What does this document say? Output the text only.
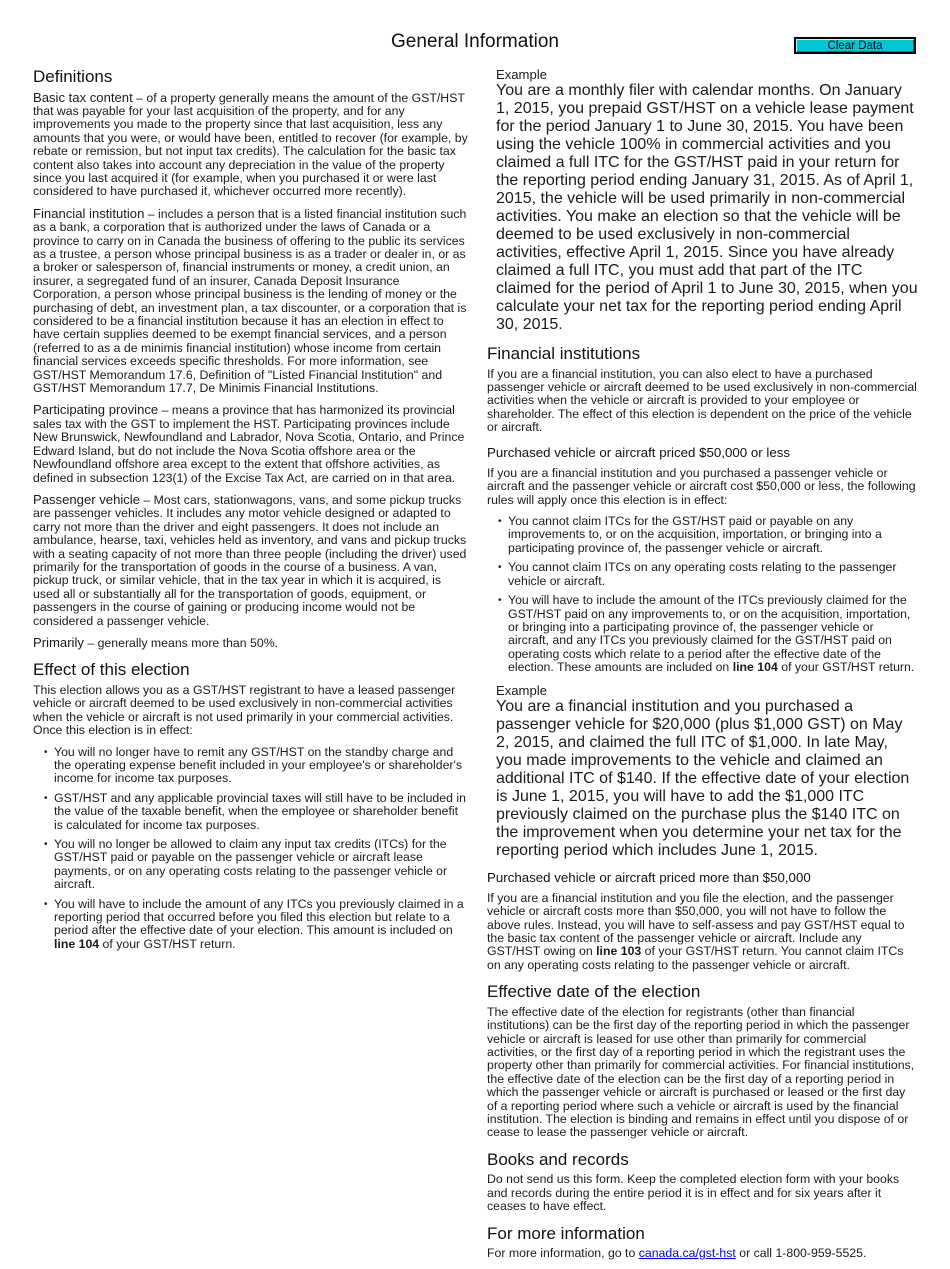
Clear Data
General Information
Definitions

Basic tax content – of a property generally means the amount of the GST/HST that was payable for your last acquisition of the property, and for any improvements you made to the property since that last acquisition, less any amounts that you were, or would have been, entitled to recover (for example, by rebate or remission, but not input tax credits). The calculation for the basic tax content also takes into account any depreciation in the value of the property since you last acquired it (for example, when you purchased it or were last considered to have purchased it, whichever occurred more recently).

Financial institution – includes a person that is a listed financial institution such as a bank, a corporation that is authorized under the laws of Canada or a province to carry on in Canada the business of offering to the public its services as a trustee, a person whose principal business is as a trader or dealer in, or as a broker or salesperson of, financial instruments or money, a credit union, an insurer, a segregated fund of an insurer, Canada Deposit Insurance Corporation, a person whose principal business is the lending of money or the purchasing of debt, an investment plan, a tax discounter, or a corporation that is considered to be a financial institution because it has an election in effect to have certain supplies deemed to be exempt financial services, and a person (referred to as a de minimis financial institution) whose income from certain financial services exceeds specific thresholds. For more information, see GST/HST Memorandum 17.6, Definition of "Listed Financial Institution" and GST/HST Memorandum 17.7, De Minimis Financial Institutions.

Participating province – means a province that has harmonized its provincial sales tax with the GST to implement the HST. Participating provinces include New Brunswick, Newfoundland and Labrador, Nova Scotia, Ontario, and Prince Edward Island, but do not include the Nova Scotia offshore area or the Newfoundland offshore area except to the extent that offshore activities, as defined in subsection 123(1) of the Excise Tax Act, are carried on in that area.

Passenger vehicle – Most cars, stationwagons, vans, and some pickup trucks are passenger vehicles. It includes any motor vehicle designed or adapted to carry not more than the driver and eight passengers. It does not include an ambulance, hearse, taxi, vehicles held as inventory, and vans and pickup trucks with a seating capacity of not more than three people (including the driver) used primarily for the transportation of goods in the course of a business. A van, pickup truck, or similar vehicle, that in the tax year in which it is acquired, is used all or substantially all for the transportation of goods, equipment, or passengers in the course of gaining or producing income would not be considered a passenger vehicle.

Primarily – generally means more than 50%.

Effect of this election

This election allows you as a GST/HST registrant to have a leased passenger vehicle or aircraft deemed to be used exclusively in non-commercial activities when the vehicle or aircraft is not used primarily in your commercial activities. Once this election is in effect:

• You will no longer have to remit any GST/HST on the standby charge and the operating expense benefit included in your employee's or shareholder's income for income tax purposes.
• GST/HST and any applicable provincial taxes will still have to be included in the value of the taxable benefit, when the employee or shareholder benefit is calculated for income tax purposes.
• You will no longer be allowed to claim any input tax credits (ITCs) for the GST/HST paid or payable on the passenger vehicle or aircraft lease payments, or on any operating costs relating to the passenger vehicle or aircraft.
• You will have to include the amount of any ITCs you previously claimed in a reporting period that occurred before you filed this election but relate to a period after the effective date of your election. This amount is included on line 104 of your GST/HST return.
Example
You are a monthly filer with calendar months. On January 1, 2015, you prepaid GST/HST on a vehicle lease payment for the period January 1 to June 30, 2015. You have been using the vehicle 100% in commercial activities and you claimed a full ITC for the GST/HST paid in your return for the reporting period ending January 31, 2015. As of April 1, 2015, the vehicle will be used primarily in non-commercial activities. You make an election so that the vehicle will be deemed to be used exclusively in non-commercial activities, effective April 1, 2015. Since you have already claimed a full ITC, you must add that part of the ITC claimed for the period of April 1 to June 30, 2015, when you calculate your net tax for the reporting period ending April 30, 2015.
Financial institutions

If you are a financial institution, you can also elect to have a purchased passenger vehicle or aircraft deemed to be used exclusively in non-commercial activities when the vehicle or aircraft is provided to your employee or shareholder. The effect of this election is dependent on the price of the vehicle or aircraft.

Purchased vehicle or aircraft priced $50,000 or less

If you are a financial institution and you purchased a passenger vehicle or aircraft and the passenger vehicle or aircraft cost $50,000 or less, the following rules will apply once this election is in effect:

• You cannot claim ITCs for the GST/HST paid or payable on any improvements to, or on the acquisition, importation, or bringing into a participating province of, the passenger vehicle or aircraft.
• You cannot claim ITCs on any operating costs relating to the passenger vehicle or aircraft.
• You will have to include the amount of the ITCs previously claimed for the GST/HST paid on any improvements to, or on the acquisition, importation, or bringing into a participating province of, the passenger vehicle or aircraft, and any ITCs you previously claimed for the GST/HST paid on operating costs which relate to a period after the effective date of the election. These amounts are included on line 104 of your GST/HST return.
Example
You are a financial institution and you purchased a passenger vehicle for $20,000 (plus $1,000 GST) on May 2, 2015, and claimed the full ITC of $1,000. In late May, you made improvements to the vehicle and claimed an additional ITC of $140. If the effective date of your election is June 1, 2015, you will have to add the $1,000 ITC previously claimed on the purchase plus the $140 ITC on the improvement when you determine your net tax for the reporting period which includes June 1, 2015.
Purchased vehicle or aircraft priced more than $50,000

If you are a financial institution and you file the election, and the passenger vehicle or aircraft costs more than $50,000, you will not have to follow the above rules. Instead, you will have to self-assess and pay GST/HST equal to the basic tax content of the passenger vehicle or aircraft. Include any GST/HST owing on line 103 of your GST/HST return. You cannot claim ITCs on any operating costs relating to the passenger vehicle or aircraft.

Effective date of the election

The effective date of the election for registrants (other than financial institutions) can be the first day of the reporting period in which the passenger vehicle or aircraft is leased for use other than primarily for commercial activities, or the first day of a reporting period in which the registrant uses the property other than primarily for commercial activities. For financial institutions, the effective date of the election can be the first day of a reporting period in which the passenger vehicle or aircraft is purchased or leased or the first day of a reporting period where such a vehicle or aircraft is used by the financial institution. The election is binding and remains in effect until you dispose of or cease to lease the passenger vehicle or aircraft.

Books and records

Do not send us this form. Keep the completed election form with your books and records during the entire period it is in effect and for six years after it ceases to have effect.

For more information

For more information, go to canada.ca/gst-hst or call 1-800-959-5525.
